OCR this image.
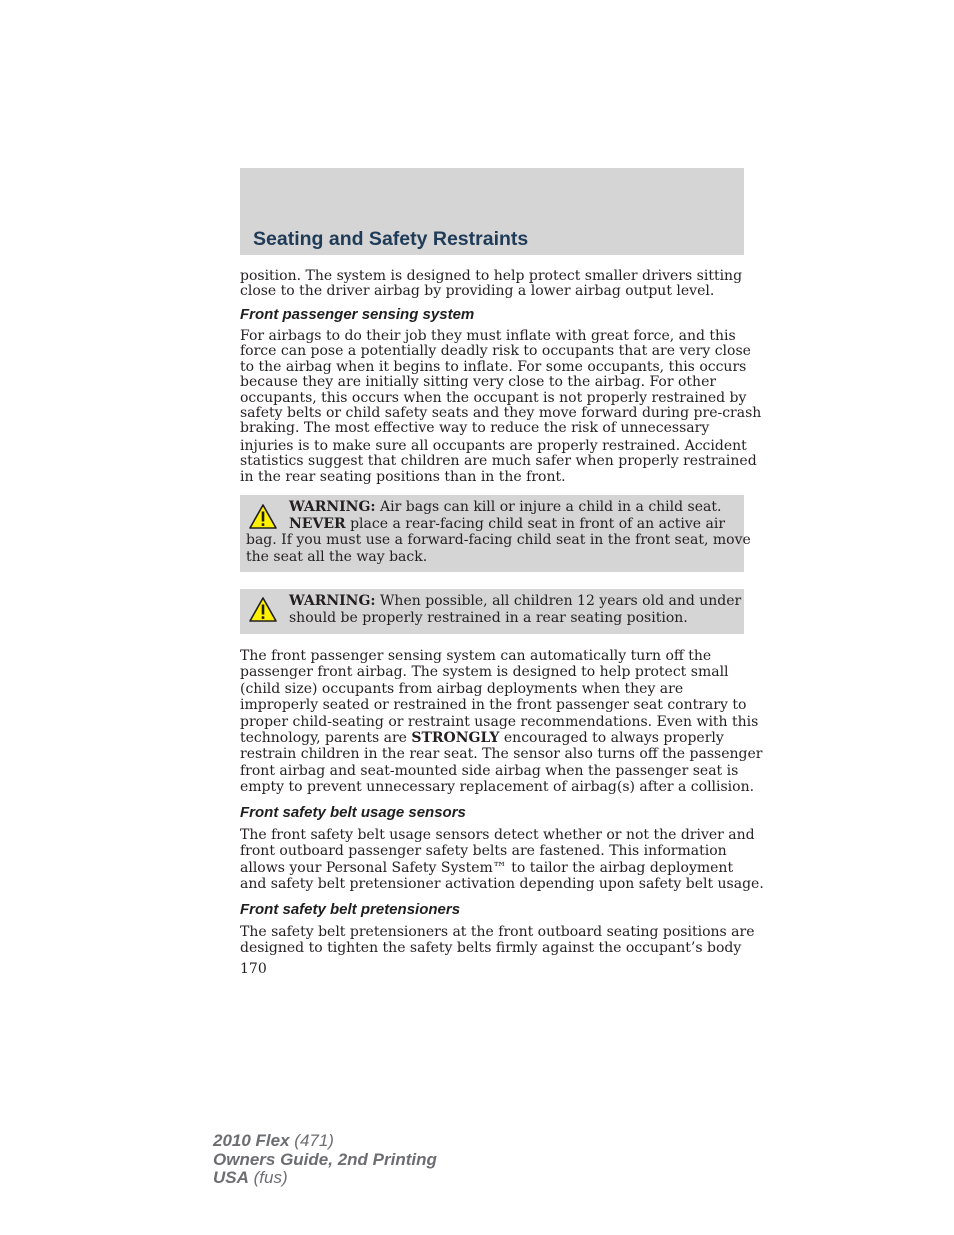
Seating and Safety Restraints
position. The system is designed to help protect smaller drivers sitting
close to the driver airbag by providing a lower airbag output level.
Front passenger sensing system
For airbags to do their job they must inflate with great force, and this
force can pose a potentially deadly risk to occupants that are very close
to the airbag when it begins to inflate. For some occupants, this occurs
because they are initially sitting very close to the airbag. For other
occupants, this occurs when the occupant is not properly restrained by
safety belts or child safety seats and they move forward during pre-crash
braking. The most effective way to reduce the risk of unnecessary
injuries is to make sure all occupants are properly restrained. Accident
statistics suggest that children are much safer when properly restrained
in the rear seating positions than in the front.
WARNING: Air bags can kill or injure a child in a child seat.
NEVER place a rear-facing child seat in front of an active air
bag. If you must use a forward-facing child seat in the front seat, move
the seat all the way back.
WARNING: When possible, all children 12 years old and under
should be properly restrained in a rear seating position.
The front passenger sensing system can automatically turn off the
passenger front airbag. The system is designed to help protect small
(child size) occupants from airbag deployments when they are
improperly seated or restrained in the front passenger seat contrary to
proper child-seating or restraint usage recommendations. Even with this
technology, parents are STRONGLY encouraged to always properly
restrain children in the rear seat. The sensor also turns off the passenger
front airbag and seat-mounted side airbag when the passenger seat is
empty to prevent unnecessary replacement of airbag(s) after a collision.
Front safety belt usage sensors
The front safety belt usage sensors detect whether or not the driver and
front outboard passenger safety belts are fastened. This information
allows your Personal Safety System™ to tailor the airbag deployment
and safety belt pretensioner activation depending upon safety belt usage.
Front safety belt pretensioners
The safety belt pretensioners at the front outboard seating positions are
designed to tighten the safety belts firmly against the occupant’s body
170
2010 Flex (471)
Owners Guide, 2nd Printing
USA (fus)
